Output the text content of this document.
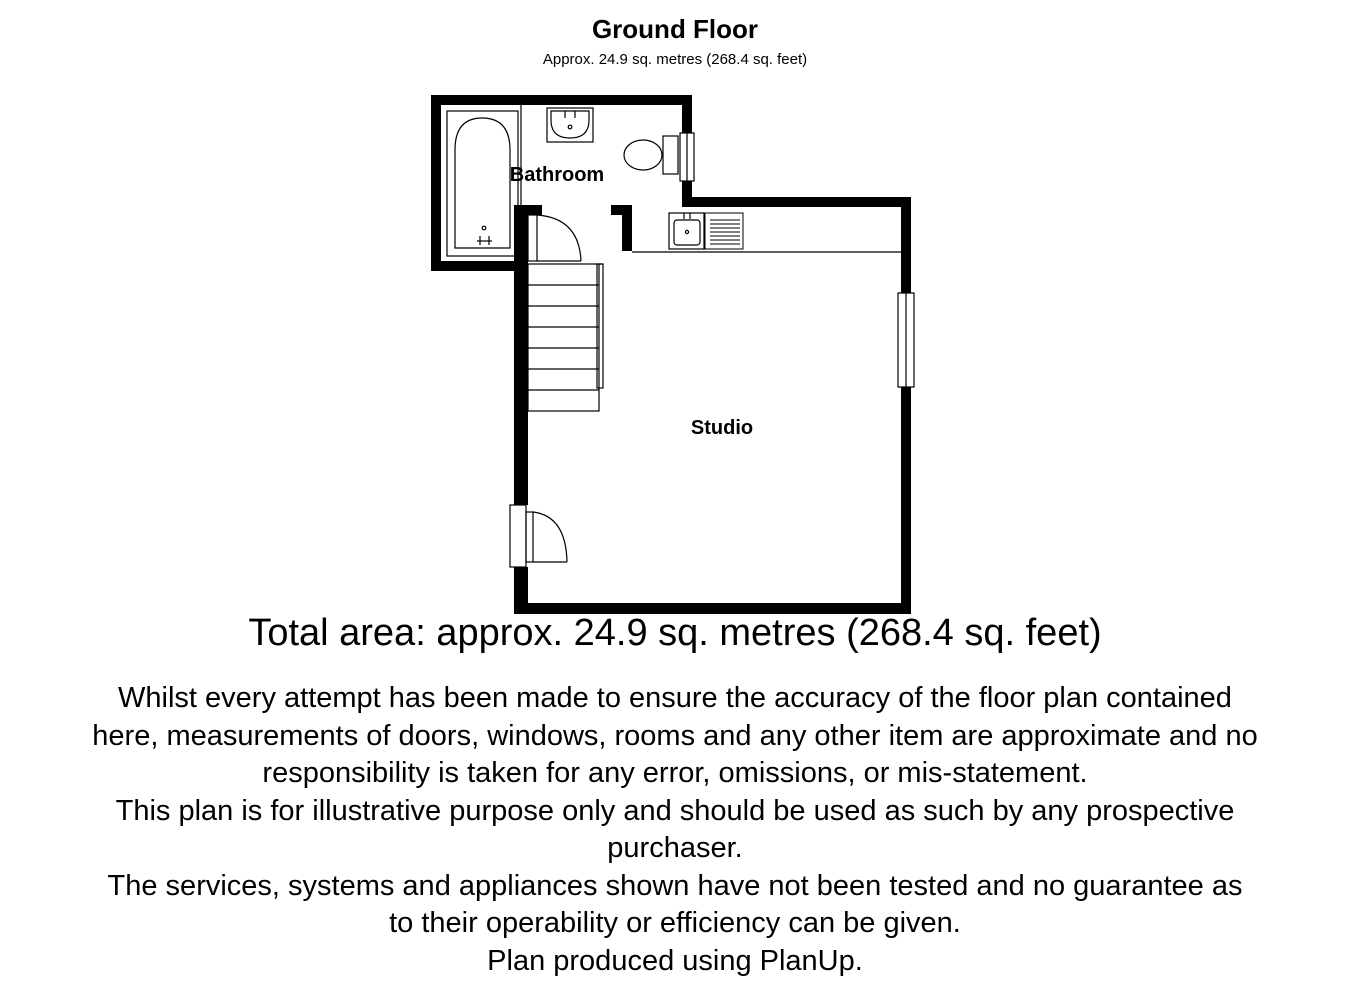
Ground Floor
Approx. 24.9 sq. metres (268.4 sq. feet)
Bathroom
Studio
Total area: approx. 24.9 sq. metres (268.4 sq. feet)
Whilst every attempt has been made to ensure the accuracy of the floor plan contained
here, measurements of doors, windows, rooms and any other item are approximate and no
responsibility is taken for any error, omissions, or mis-statement.
This plan is for illustrative purpose only and should be used as such by any prospective
purchaser.
The services, systems and appliances shown have not been tested and no guarantee as
to their operability or efficiency can be given.
Plan produced using PlanUp.
